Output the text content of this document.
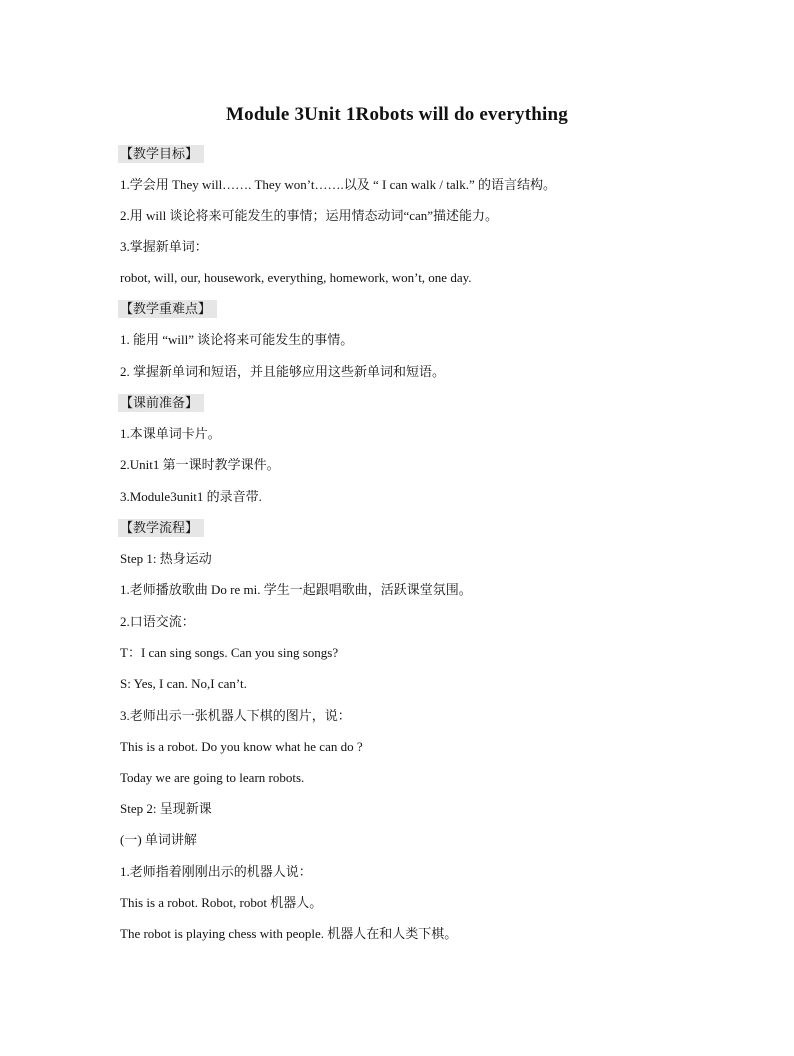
Module 3Unit 1Robots will do everything
【教学目标】
1.学会用 They will……. They won’t…….以及 “ I can walk / talk.” 的语言结构。
2.用 will 谈论将来可能发生的事情；运用情态动词“can”描述能力。
3.掌握新单词：
robot, will, our, housework, everything, homework, won’t, one day.
【教学重难点】
1. 能用 “will” 谈论将来可能发生的事情。
2. 掌握新单词和短语，并且能够应用这些新单词和短语。
【课前准备】
1.本课单词卡片。
2.Unit1 第一课时教学课件。
3.Module3unit1 的录音带.
【教学流程】
Step 1: 热身运动
1.老师播放歌曲 Do re mi. 学生一起跟唱歌曲，活跃课堂氛围。
2.口语交流：
T：I can sing songs. Can you sing songs?
S: Yes, I can. No,I can’t.
3.老师出示一张机器人下棋的图片，说：
This is a robot. Do you know what he can do ?
Today we are going to learn robots.
Step 2: 呈现新课
(一) 单词讲解
1.老师指着刚刚出示的机器人说：
This is a robot. Robot, robot 机器人。
The robot is playing chess with people. 机器人在和人类下棋。
